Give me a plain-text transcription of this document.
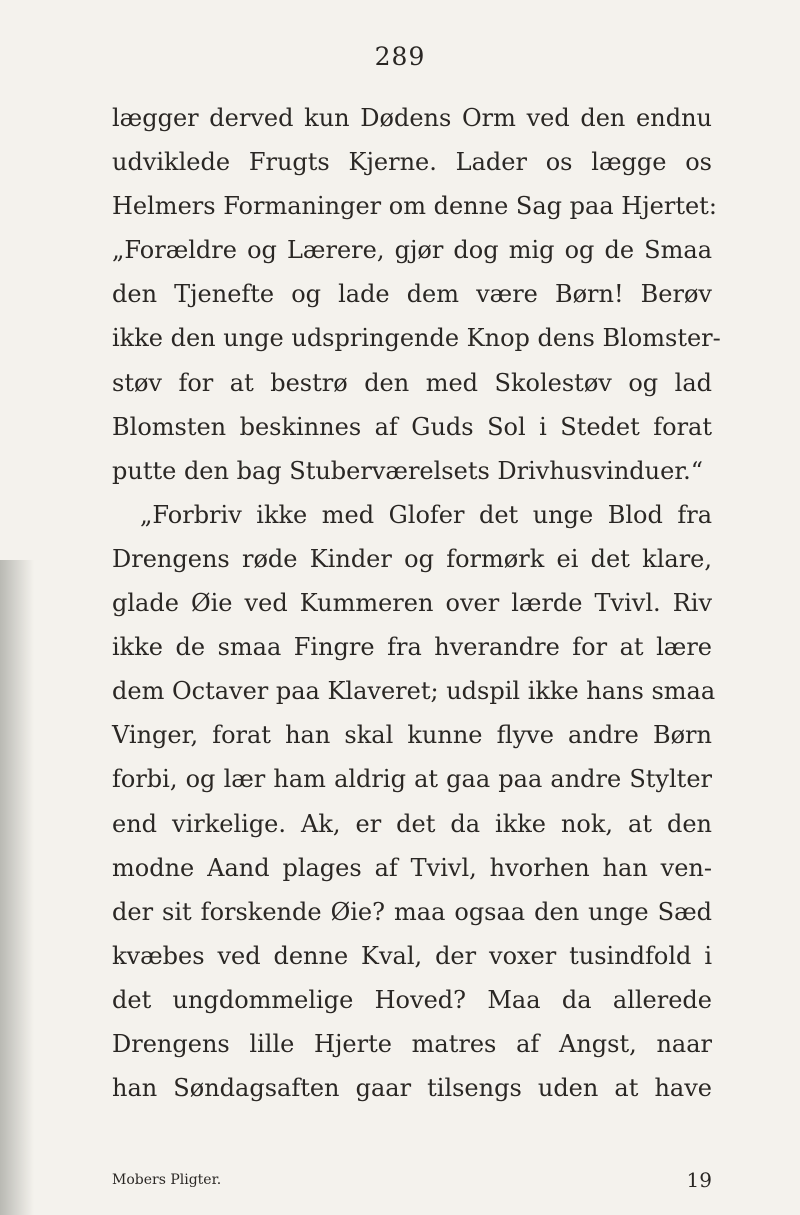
289
lægger derved kun Dødens Orm ved den endnu
udviklede Frugts Kjerne. Lader os lægge os
Helmers Formaninger om denne Sag paa Hjertet:
„Forældre og Lærere, gjør dog mig og de Smaa
den Tjenefte og lade dem være Børn! Berøv
ikke den unge udspringende Knop dens Blomster-
støv for at bestrø den med Skolestøv og lad
Blomsten beskinnes af Guds Sol i Stedet forat
putte den bag Stuberværelsets Drivhusvinduer.“
„Forbriv ikke med Glofer det unge Blod fra
Drengens røde Kinder og formørk ei det klare,
glade Øie ved Kummeren over lærde Tvivl. Riv
ikke de smaa Fingre fra hverandre for at lære
dem Octaver paa Klaveret; udspil ikke hans smaa
Vinger, forat han skal kunne flyve andre Børn
forbi, og lær ham aldrig at gaa paa andre Stylter
end virkelige. Ak, er det da ikke nok, at den
modne Aand plages af Tvivl, hvorhen han ven-
der sit forskende Øie? maa ogsaa den unge Sæd
kvæbes ved denne Kval, der voxer tusindfold i
det ungdommelige Hoved? Maa da allerede
Drengens lille Hjerte matres af Angst, naar
han Søndagsaften gaar tilsengs uden at have
Mobers Pligter.	19
